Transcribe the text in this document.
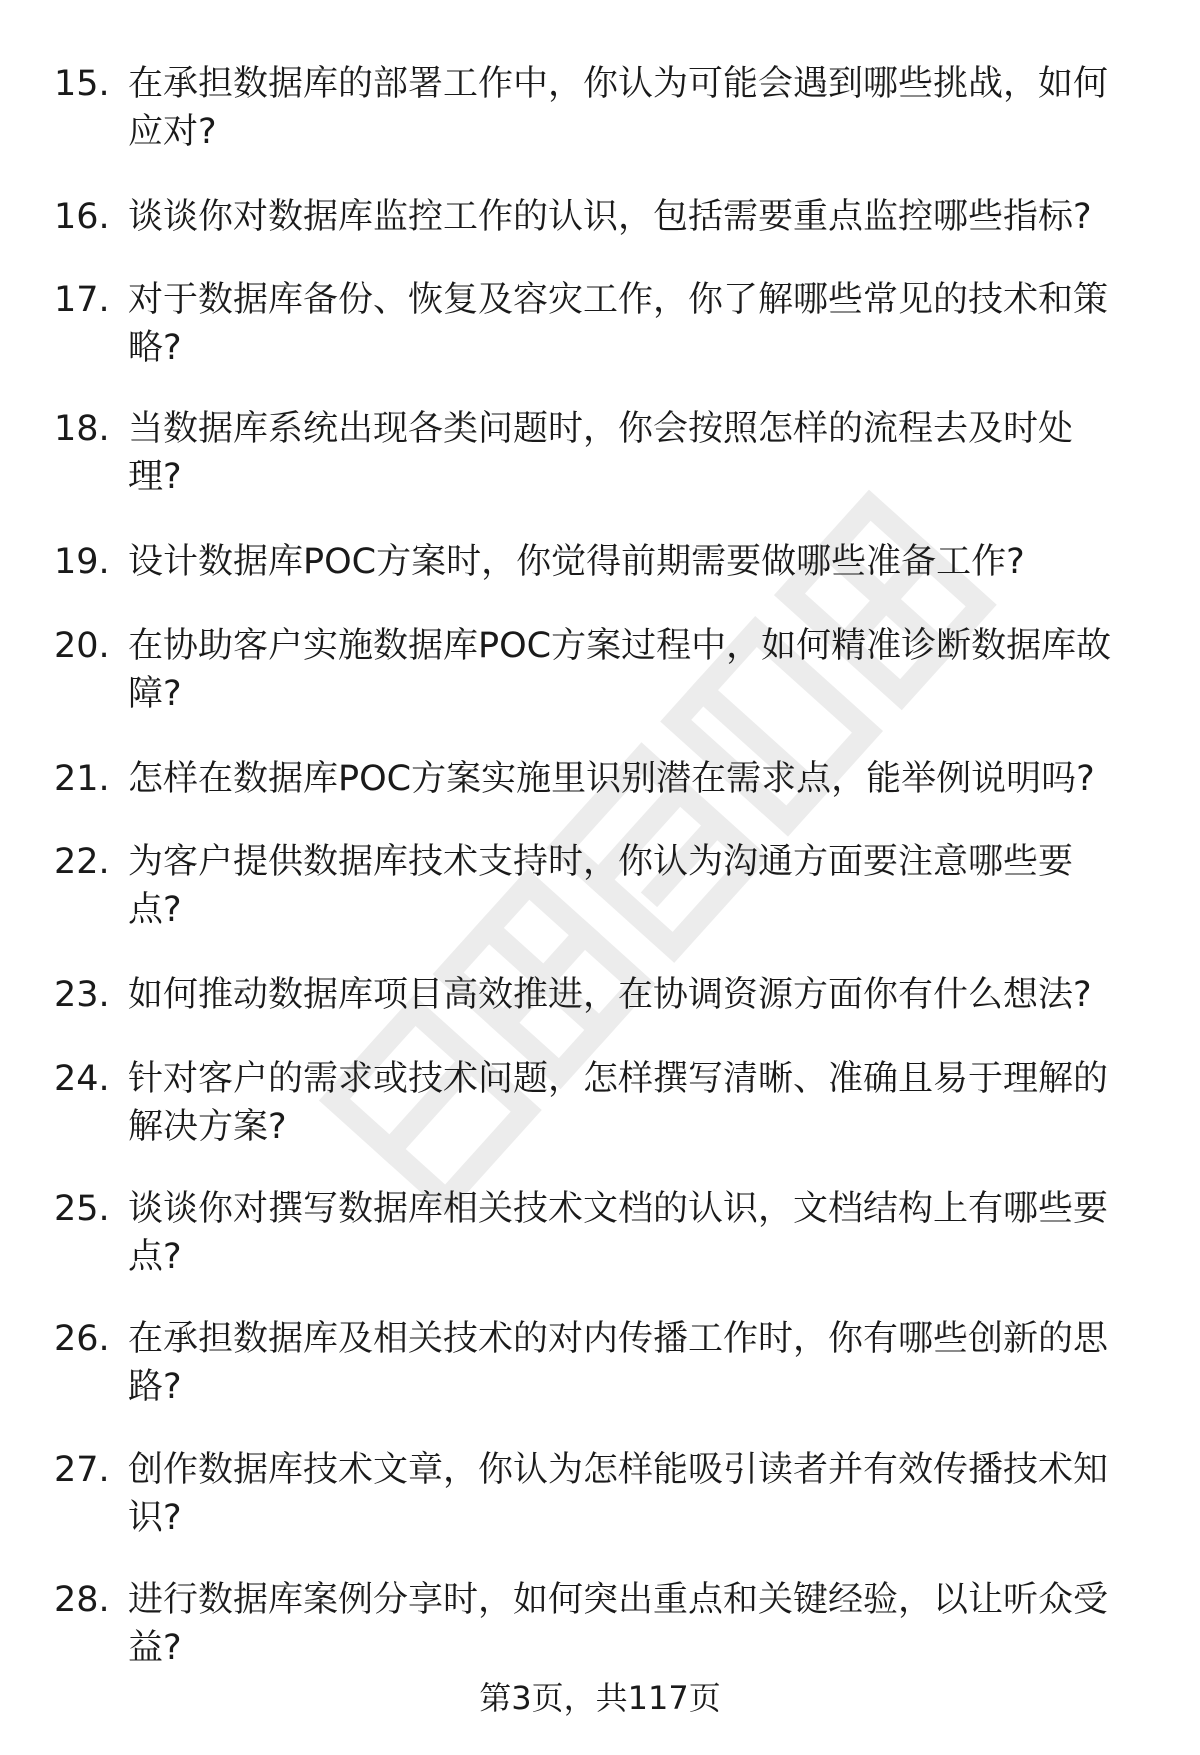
15. 在承担数据库的部署工作中，你认为可能会遇到哪些挑战，如何
应对?
16. 谈谈你对数据库监控工作的认识，包括需要重点监控哪些指标?
17. 对于数据库备份、恢复及容灾工作，你了解哪些常见的技术和策
略?
18. 当数据库系统出现各类问题时，你会按照怎样的流程去及时处
理?
19. 设计数据库POC方案时，你觉得前期需要做哪些准备工作?
20. 在协助客户实施数据库POC方案过程中，如何精准诊断数据库故
障?
21. 怎样在数据库POC方案实施里识别潜在需求点，能举例说明吗?
22. 为客户提供数据库技术支持时，你认为沟通方面要注意哪些要
点?
23. 如何推动数据库项目高效推进，在协调资源方面你有什么想法?
24. 针对客户的需求或技术问题，怎样撰写清晰、准确且易于理解的
解决方案?
25. 谈谈你对撰写数据库相关技术文档的认识，文档结构上有哪些要
点?
26. 在承担数据库及相关技术的对内传播工作时，你有哪些创新的思
路?
27. 创作数据库技术文章，你认为怎样能吸引读者并有效传播技术知
识?
28. 进行数据库案例分享时，如何突出重点和关键经验，以让听众受
益?
第3页，共117页
